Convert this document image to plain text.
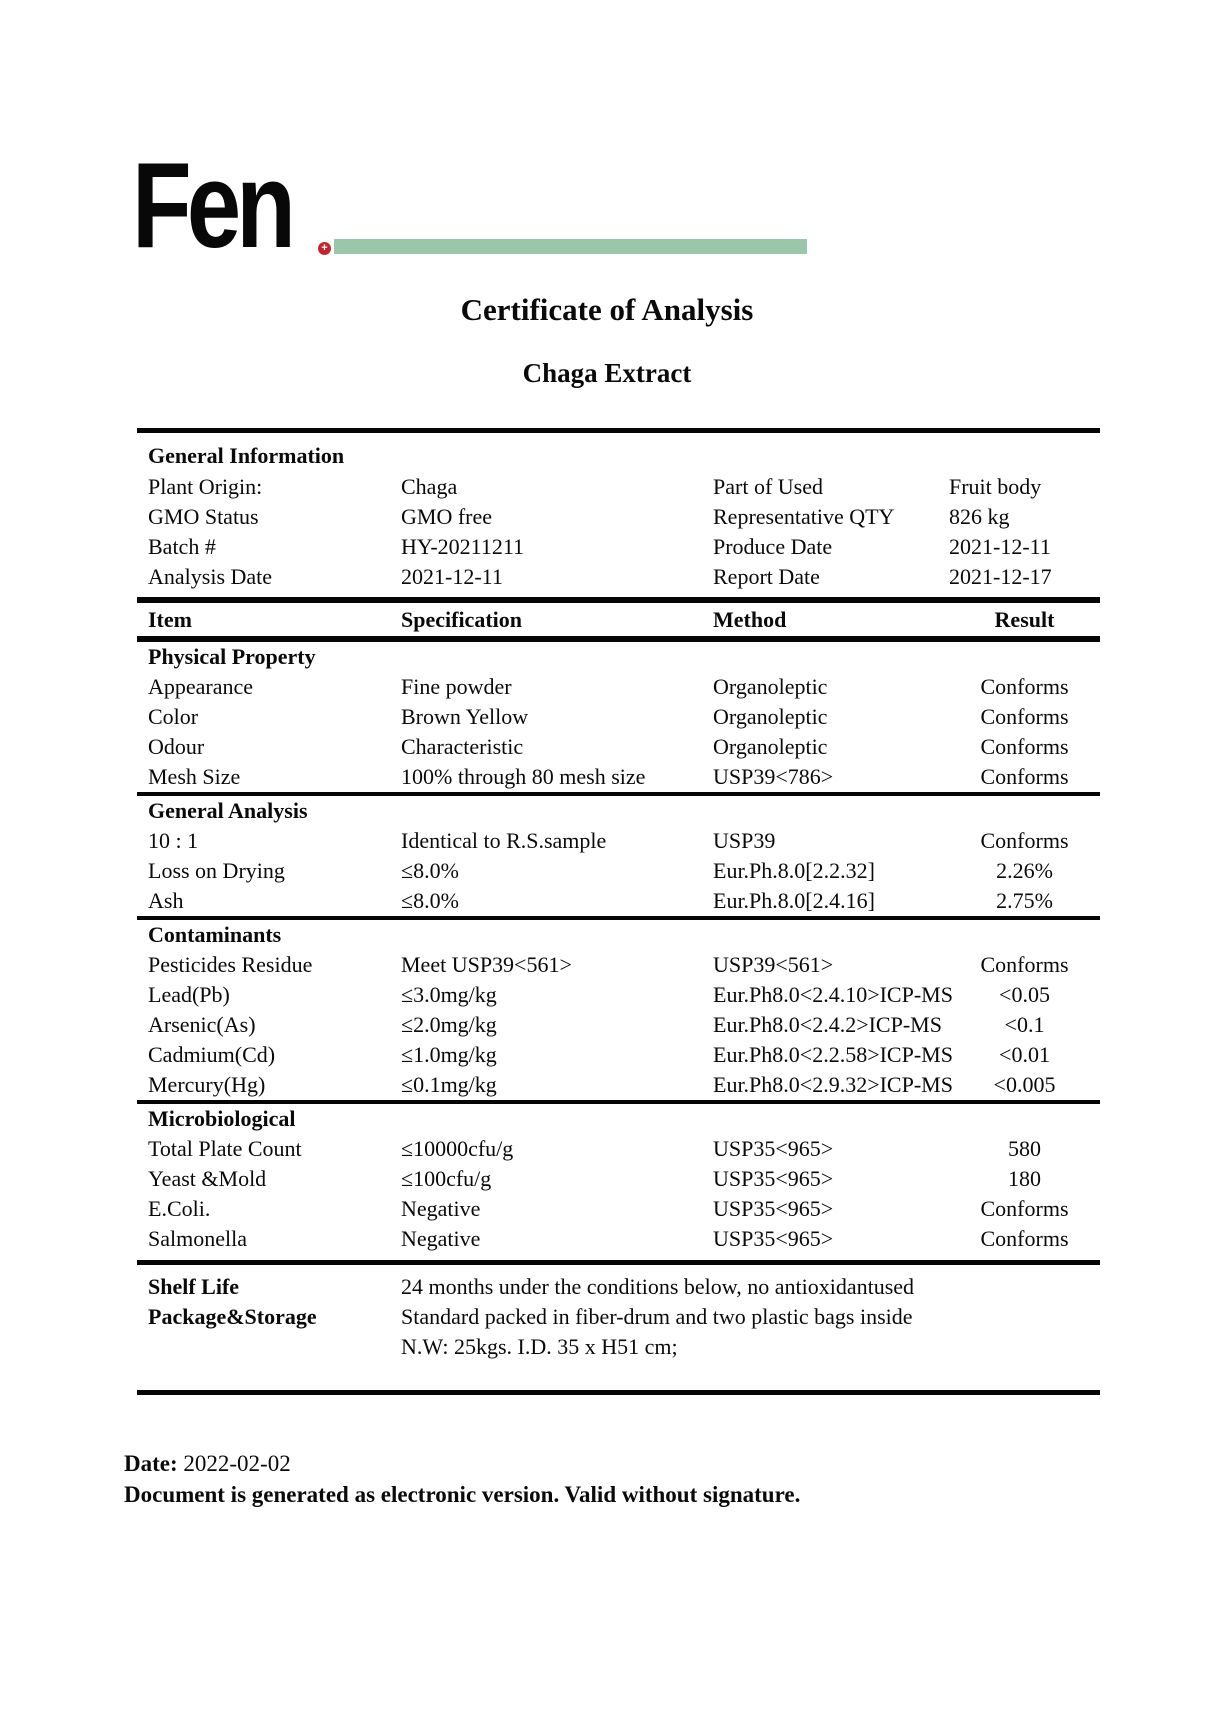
Fen	+
Certificate of Analysis
Chaga Extract
General Information
Plant Origin:	Chaga	Part of Used	Fruit body
GMO Status	GMO free	Representative QTY	826 kg
Batch #	HY-20211211	Produce Date	2021-12-11
Analysis Date	2021-12-11	Report Date	2021-12-17
Item	Specification	Method	Result
Physical Property
Appearance	Fine powder	Organoleptic	Conforms
Color	Brown Yellow	Organoleptic	Conforms
Odour	Characteristic	Organoleptic	Conforms
Mesh Size	100% through 80 mesh size	USP39<786>	Conforms
General Analysis
10 : 1	Identical to R.S.sample	USP39	Conforms
Loss on Drying	≤8.0%	Eur.Ph.8.0[2.2.32]	2.26%
Ash	≤8.0%	Eur.Ph.8.0[2.4.16]	2.75%
Contaminants
Pesticides Residue	Meet USP39<561>	USP39<561>	Conforms
Lead(Pb)	≤3.0mg/kg	Eur.Ph8.0<2.4.10>ICP-MS	<0.05
Arsenic(As)	≤2.0mg/kg	Eur.Ph8.0<2.4.2>ICP-MS	<0.1
Cadmium(Cd)	≤1.0mg/kg	Eur.Ph8.0<2.2.58>ICP-MS	<0.01
Mercury(Hg)	≤0.1mg/kg	Eur.Ph8.0<2.9.32>ICP-MS	<0.005
Microbiological
Total Plate Count	≤10000cfu/g	USP35<965>	580
Yeast &Mold	≤100cfu/g	USP35<965>	180
E.Coli.	Negative	USP35<965>	Conforms
Salmonella	Negative	USP35<965>	Conforms
Shelf Life	24 months under the conditions below, no antioxidantused
Package&Storage	Standard packed in fiber-drum and two plastic bags inside
N.W: 25kgs. I.D. 35 x H51 cm;
Date: 2022-02-02
Document is generated as electronic version. Valid without signature.
